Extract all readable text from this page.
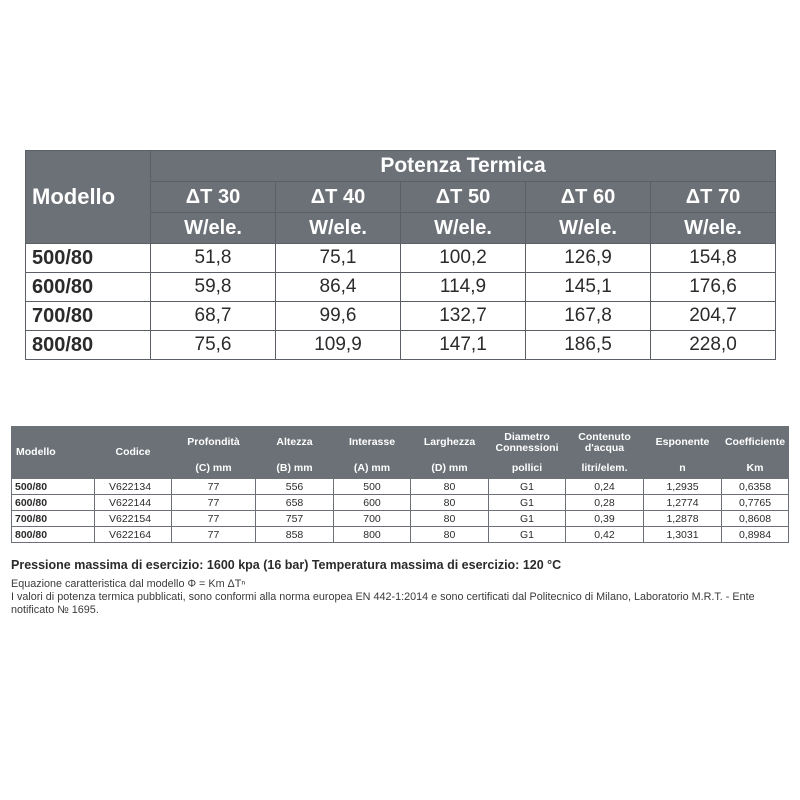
Modello	Potenza Termica				
	ΔT 30	ΔT 40	ΔT 50	ΔT 60	ΔT 70
	W/ele.	W/ele.	W/ele.	W/ele.	W/ele.
500/80	51,8	75,1	100,2	126,9	154,8
600/80	59,8	86,4	114,9	145,1	176,6
700/80	68,7	99,6	132,7	167,8	204,7
800/80	75,6	109,9	147,1	186,5	228,0
Modello	Codice	Profondità	Altezza	Interasse	Larghezza	Diametro Connessioni	Contenuto d'acqua	Esponente	Coefficiente
		(C) mm	(B) mm	(A) mm	(D) mm	pollici	litri/elem.	n	Km
500/80	V622134	77	556	500	80	G1	0,24	1,2935	0,6358
600/80	V622144	77	658	600	80	G1	0,28	1,2774	0,7765
700/80	V622154	77	757	700	80	G1	0,39	1,2878	0,8608
800/80	V622164	77	858	800	80	G1	0,42	1,3031	0,8984
Pressione massima di esercizio: 1600 kpa (16 bar) Temperatura massima di esercizio: 120 °C
Equazione caratteristica dal modello Φ = Km ΔTⁿ
I valori di potenza termica pubblicati, sono conformi alla norma europea EN 442-1:2014 e sono certificati dal Politecnico di Milano, Laboratorio M.R.T. - Ente notificato № 1695.
